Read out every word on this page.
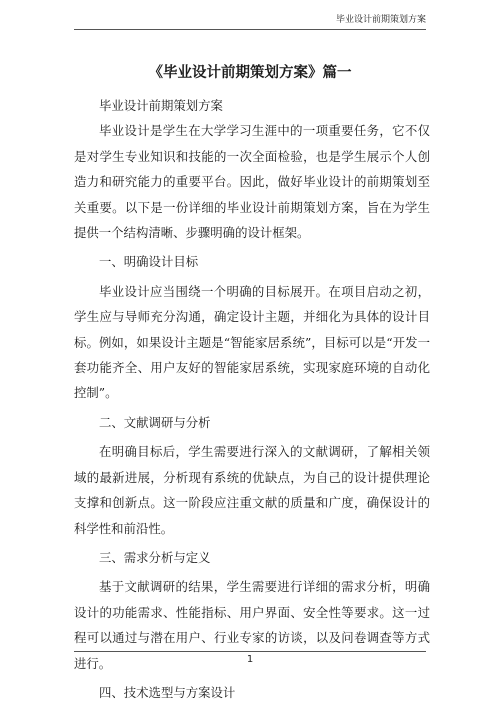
毕业设计前期策划方案
《毕业设计前期策划方案》篇一

毕业设计前期策划方案

毕业设计是学生在大学学习生涯中的一项重要任务，它不仅是对学生专业知识和技能的一次全面检验，也是学生展示个人创造力和研究能力的重要平台。因此，做好毕业设计的前期策划至关重要。以下是一份详细的毕业设计前期策划方案，旨在为学生提供一个结构清晰、步骤明确的设计框架。

一、明确设计目标

毕业设计应当围绕一个明确的目标展开。在项目启动之初，学生应与导师充分沟通，确定设计主题，并细化为具体的设计目标。例如，如果设计主题是“智能家居系统”，目标可以是“开发一套功能齐全、用户友好的智能家居系统，实现家庭环境的自动化控制”。

二、文献调研与分析

在明确目标后，学生需要进行深入的文献调研，了解相关领域的最新进展，分析现有系统的优缺点，为自己的设计提供理论支撑和创新点。这一阶段应注重文献的质量和广度，确保设计的科学性和前沿性。

三、需求分析与定义

基于文献调研的结果，学生需要进行详细的需求分析，明确设计的功能需求、性能指标、用户界面、安全性等要求。这一过程可以通过与潜在用户、行业专家的访谈，以及问卷调查等方式进行。

四、技术选型与方案设计

1
